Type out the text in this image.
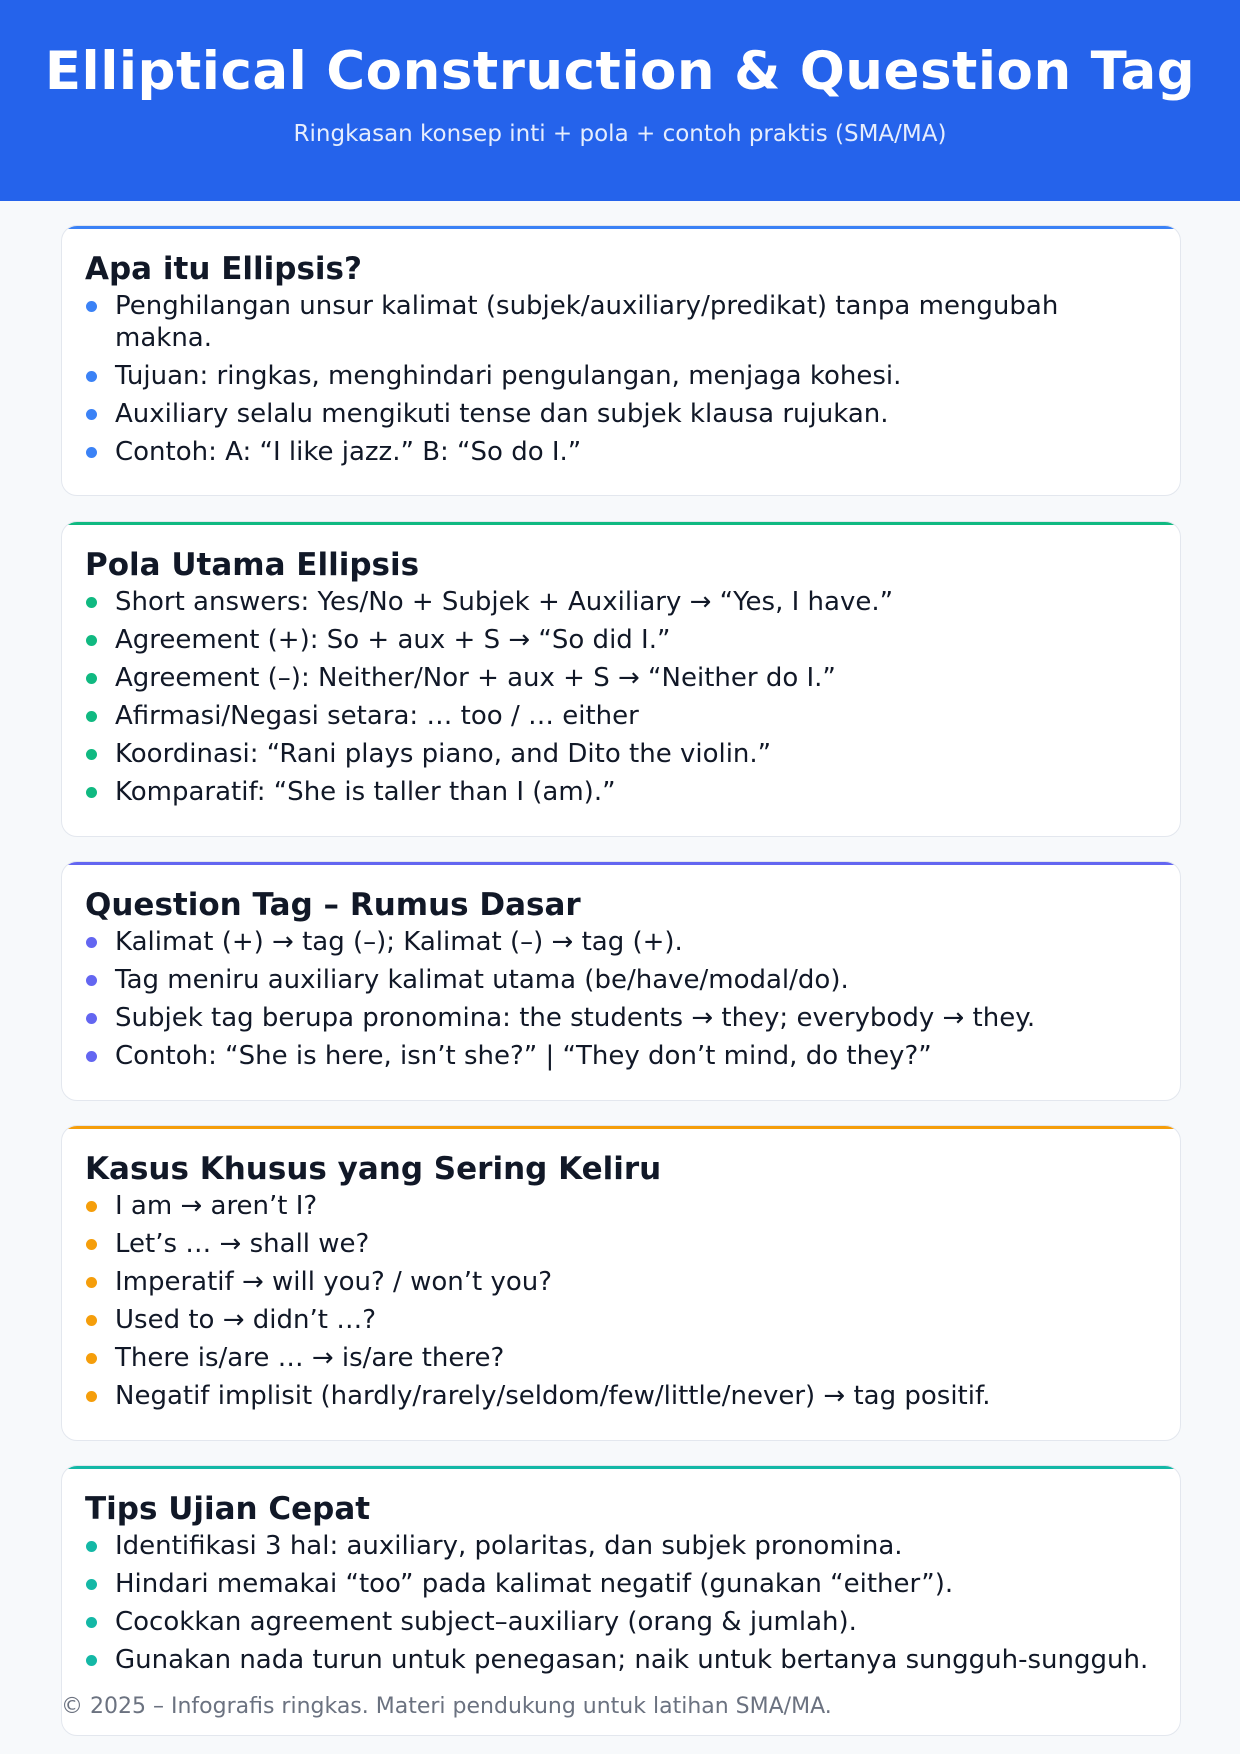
Elliptical Construction & Question Tag
Ringkasan konsep inti + pola + contoh praktis (SMA/MA)
Apa itu Ellipsis?
Penghilangan unsur kalimat (subjek/auxiliary/predikat) tanpa mengubah makna.
Tujuan: ringkas, menghindari pengulangan, menjaga kohesi.
Auxiliary selalu mengikuti tense dan subjek klausa rujukan.
Contoh: A: “I like jazz.” B: “So do I.”
Pola Utama Ellipsis
Short answers: Yes/No + Subjek + Auxiliary → “Yes, I have.”
Agreement (+): So + aux + S → “So did I.”
Agreement (–): Neither/Nor + aux + S → “Neither do I.”
Afirmasi/Negasi setara: … too / … either
Koordinasi: “Rani plays piano, and Dito the violin.”
Komparatif: “She is taller than I (am).”
Question Tag – Rumus Dasar
Kalimat (+) → tag (–); Kalimat (–) → tag (+).
Tag meniru auxiliary kalimat utama (be/have/modal/do).
Subjek tag berupa pronomina: the students → they; everybody → they.
Contoh: “She is here, isn’t she?” | “They don’t mind, do they?”
Kasus Khusus yang Sering Keliru
I am → aren’t I?
Let’s … → shall we?
Imperatif → will you? / won’t you?
Used to → didn’t …?
There is/are … → is/are there?
Negatif implisit (hardly/rarely/seldom/few/little/never) → tag positif.
Tips Ujian Cepat
Identifikasi 3 hal: auxiliary, polaritas, dan subjek pronomina.
Hindari memakai “too” pada kalimat negatif (gunakan “either”).
Cocokkan agreement subject–auxiliary (orang & jumlah).
Gunakan nada turun untuk penegasan; naik untuk bertanya sungguh-sungguh.
© 2025 – Infografis ringkas. Materi pendukung untuk latihan SMA/MA.
